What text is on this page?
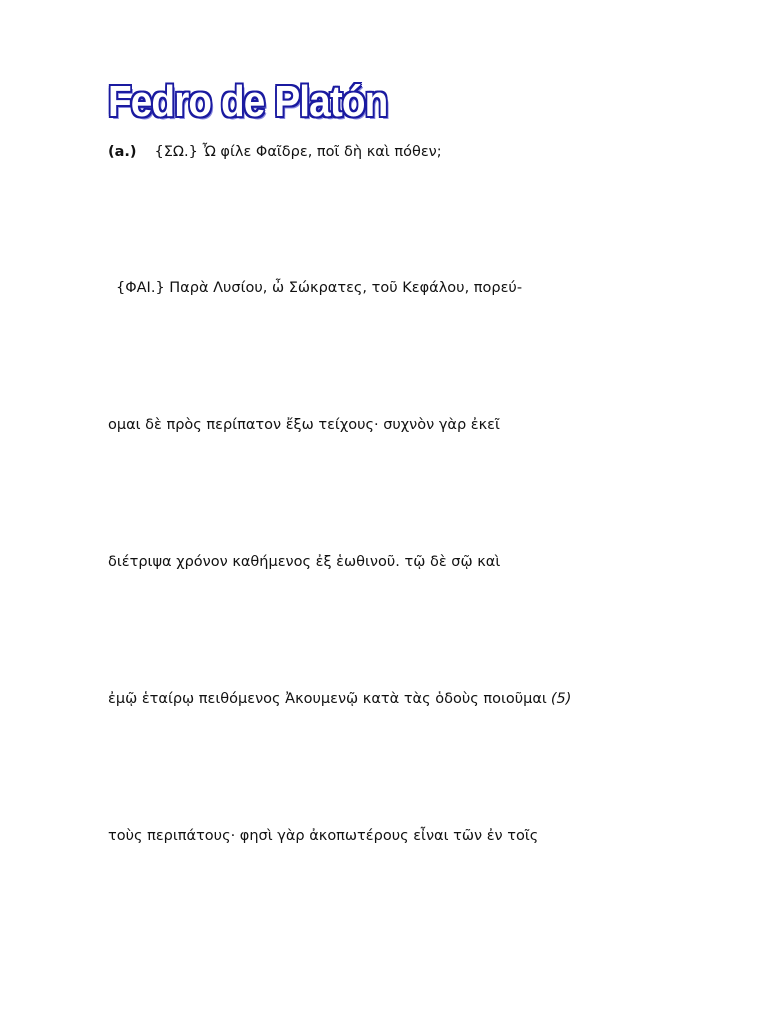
Fedro de Platón
(a.) {ΣΩ.} Ὦ φίλε Φαῖδρε, ποῖ δὴ καὶ πόθεν;
{ΦΑΙ.} Παρὰ Λυσίου, ὦ Σώκρατες, τοῦ Κεφάλου, πορεύ-
ομαι δὲ πρὸς περίπατον ἔξω τείχους· συχνὸν γὰρ ἐκεῖ
διέτριψα χρόνον καθήμενος ἐξ ἑωθινοῦ. τῷ δὲ σῷ καὶ
ἐμῷ ἑταίρῳ πειθόμενος Ἀκουμενῷ κατὰ τὰς ὁδοὺς ποιοῦμαι (5)
τοὺς περιπάτους· φησὶ γὰρ ἀκοπωτέρους εἶναι τῶν ἐν τοῖς
